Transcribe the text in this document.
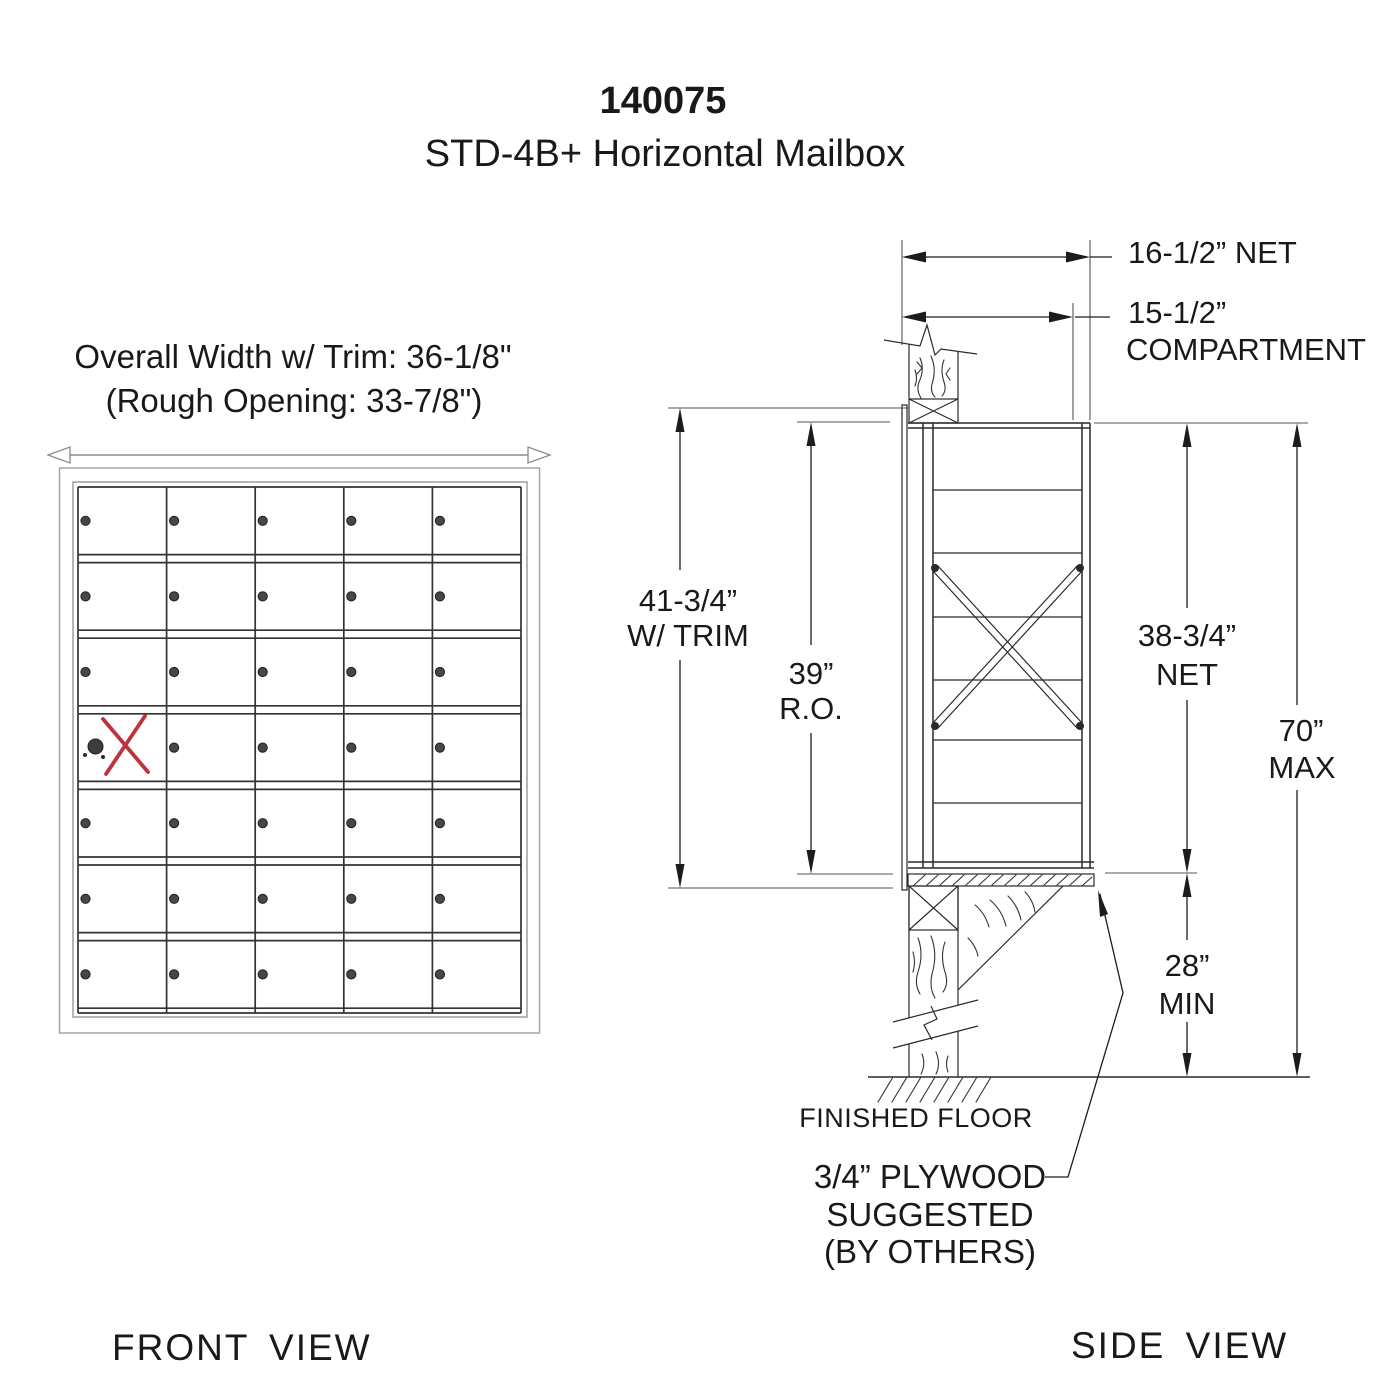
140075
STD-4B+ Horizontal Mailbox
Overall Width w/ Trim: 36-1/8"
(Rough Opening: 33-7/8")
FRONT VIEW
16-1/2” NET
15-1/2”
COMPARTMENT
41-3/4”
W/ TRIM
39”
R.O.
38-3/4”
NET
70”
MAX
28”
MIN
FINISHED FLOOR
3/4” PLYWOOD
SUGGESTED
(BY OTHERS)
SIDE VIEW
